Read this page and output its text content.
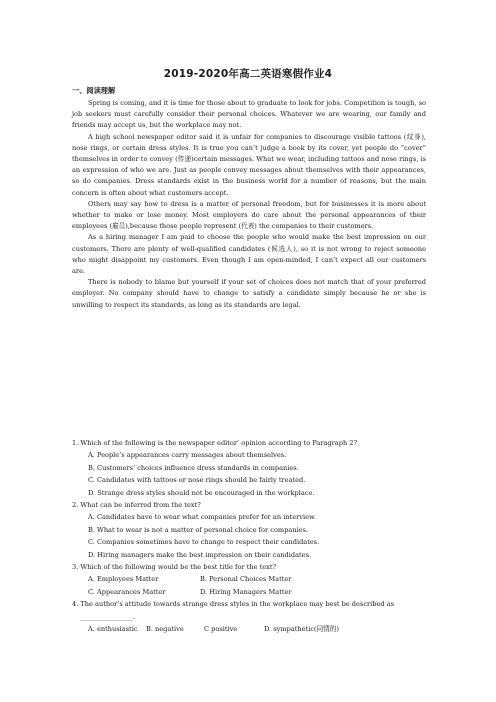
2019-2020年高二英语寒假作业4
一、阅读理解

Spring is coming, and it is time for those about to graduate to look for jobs. Competition is tough, so job seekers must carefully consider their personal choices. Whatever we are wearing, our family and friends may accept us, but the workplace may not.

A high school newspaper editor said it is unfair for companies to discourage visible tattoos (纹身), nose rings, or certain dress styles. It is true you can’t judge a book by its cover, yet people do “cover” themselves in order to convey (传递)certain messages. What we wear, including tattoos and nose rings, is an expression of who we are. Just as people convey messages about themselves with their appearances, so do companies. Dress standards exist in the business world for a number of reasons, but the main concern is often about what customers accept.

Others may say how to dress is a matter of personal freedom, but for businesses it is more about whether to make or lose money. Most employers do care about the personal appearances of their employees (雇员),because those people represent (代表) the companies to their customers.

As a hiring manager I am paid to choose the people who would make the best impression on our customers. There are plenty of well-qualified candidates (候选人), so it is not wrong to reject someone who might disappoint my customers. Even though I am open-minded, I can’t expect all our customers are.

There is nobody to blame but yourself if your set of choices does not match that of your preferred employer. No company should have to change to satisfy a candidate simply because he or she is unwilling to respect its standards, as long as its standards are legal.

1. Which of the following is the newspaper editor’ opinion according to Paragraph 2?

A. People’s appearances carry messages about themselves.

B. Customers’ choices influence dress standards in companies.

C. Candidates with tattoos or nose rings should be fairly treated.

D. Strange dress styles should not be encouraged in the workplace.

2. What can be inferred from the text?

A. Candidates have to wear what companies prefer for an interview.

B. What to wear is not a matter of personal choice for companies.

C. Companies sometimes have to change to respect their candidates.

D. Hiring managers make the best impression on their candidates.

3. Which of the following would be the best title for the text?

A. Employees Matter	B. Personal Choices Matter
C. Appearances Matter	D. Hiring Managers Matter

4. The author’s attitude towards strange dress styles in the workplace may best be described as ________________.

A. enthusiastic	B. negative	C positive	D. sympathetic(同情的)
